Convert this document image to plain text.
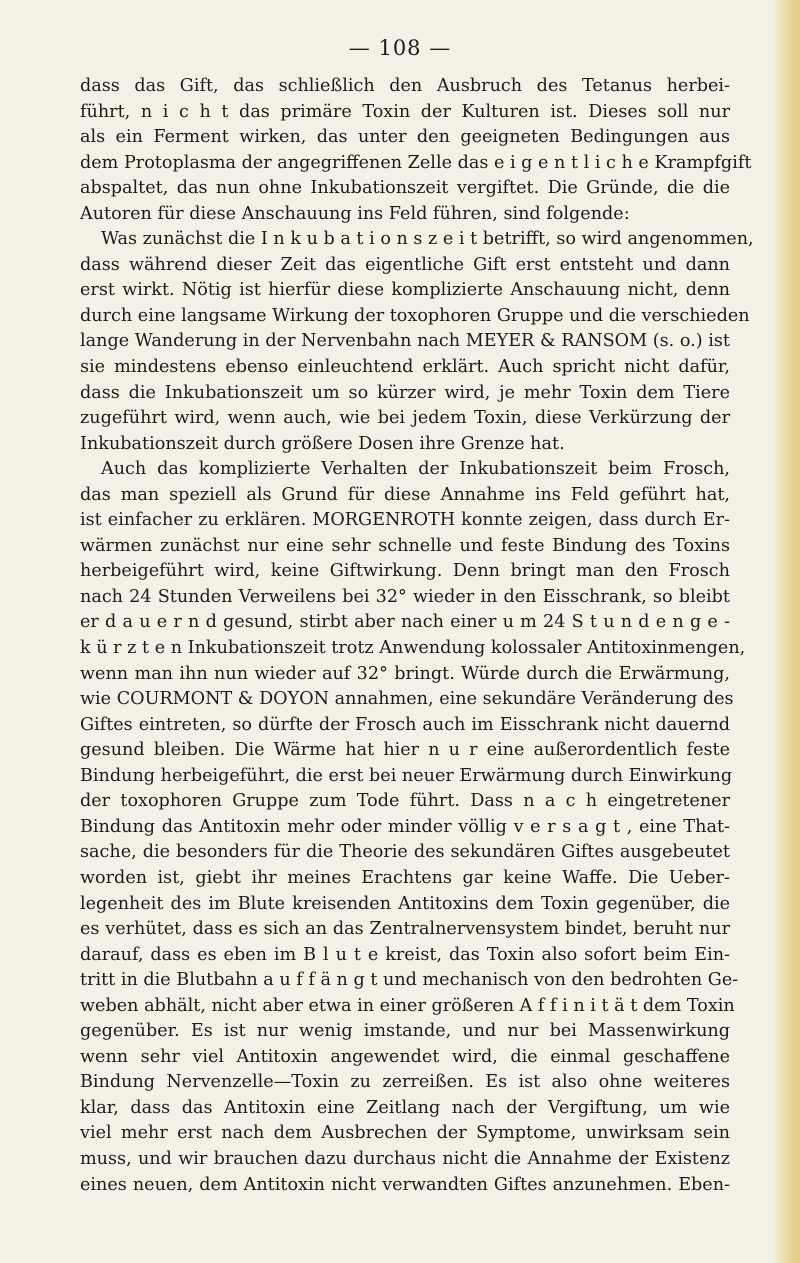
— 108 —
dass das Gift, das schließlich den Ausbruch des Tetanus herbei-
führt, n i c h t das primäre Toxin der Kulturen ist. Dieses soll nur
als ein Ferment wirken, das unter den geeigneten Bedingungen aus
dem Protoplasma der angegriffenen Zelle das e i g e n t l i c h e Krampfgift
abspaltet, das nun ohne Inkubationszeit vergiftet. Die Gründe, die die
Autoren für diese Anschauung ins Feld führen, sind folgende:
Was zunächst die I n k u b a t i o n s z e i t betrifft, so wird angenommen,
dass während dieser Zeit das eigentliche Gift erst entsteht und dann
erst wirkt. Nötig ist hierfür diese komplizierte Anschauung nicht, denn
durch eine langsame Wirkung der toxophoren Gruppe und die verschieden
lange Wanderung in der Nervenbahn nach MEYER & RANSOM (s. o.) ist
sie mindestens ebenso einleuchtend erklärt. Auch spricht nicht dafür,
dass die Inkubationszeit um so kürzer wird, je mehr Toxin dem Tiere
zugeführt wird, wenn auch, wie bei jedem Toxin, diese Verkürzung der
Inkubationszeit durch größere Dosen ihre Grenze hat.
Auch das komplizierte Verhalten der Inkubationszeit beim Frosch,
das man speziell als Grund für diese Annahme ins Feld geführt hat,
ist einfacher zu erklären. MORGENROTH konnte zeigen, dass durch Er-
wärmen zunächst nur eine sehr schnelle und feste Bindung des Toxins
herbeigeführt wird, keine Giftwirkung. Denn bringt man den Frosch
nach 24 Stunden Verweilens bei 32° wieder in den Eisschrank, so bleibt
er d a u e r n d gesund, stirbt aber nach einer u m 24 S t u n d e n g e -
k ü r z t e n Inkubationszeit trotz Anwendung kolossaler Antitoxinmengen,
wenn man ihn nun wieder auf 32° bringt. Würde durch die Erwärmung,
wie COURMONT & DOYON annahmen, eine sekundäre Veränderung des
Giftes eintreten, so dürfte der Frosch auch im Eisschrank nicht dauernd
gesund bleiben. Die Wärme hat hier n u r eine außerordentlich feste
Bindung herbeigeführt, die erst bei neuer Erwärmung durch Einwirkung
der toxophoren Gruppe zum Tode führt. Dass n a c h eingetretener
Bindung das Antitoxin mehr oder minder völlig v e r s a g t , eine That-
sache, die besonders für die Theorie des sekundären Giftes ausgebeutet
worden ist, giebt ihr meines Erachtens gar keine Waffe. Die Ueber-
legenheit des im Blute kreisenden Antitoxins dem Toxin gegenüber, die
es verhütet, dass es sich an das Zentralnervensystem bindet, beruht nur
darauf, dass es eben im B l u t e kreist, das Toxin also sofort beim Ein-
tritt in die Blutbahn a u f f ä n g t und mechanisch von den bedrohten Ge-
weben abhält, nicht aber etwa in einer größeren A f f i n i t ä t dem Toxin
gegenüber. Es ist nur wenig imstande, und nur bei Massenwirkung
wenn sehr viel Antitoxin angewendet wird, die einmal geschaffene
Bindung Nervenzelle—Toxin zu zerreißen. Es ist also ohne weiteres
klar, dass das Antitoxin eine Zeitlang nach der Vergiftung, um wie
viel mehr erst nach dem Ausbrechen der Symptome, unwirksam sein
muss, und wir brauchen dazu durchaus nicht die Annahme der Existenz
eines neuen, dem Antitoxin nicht verwandten Giftes anzunehmen. Eben-
